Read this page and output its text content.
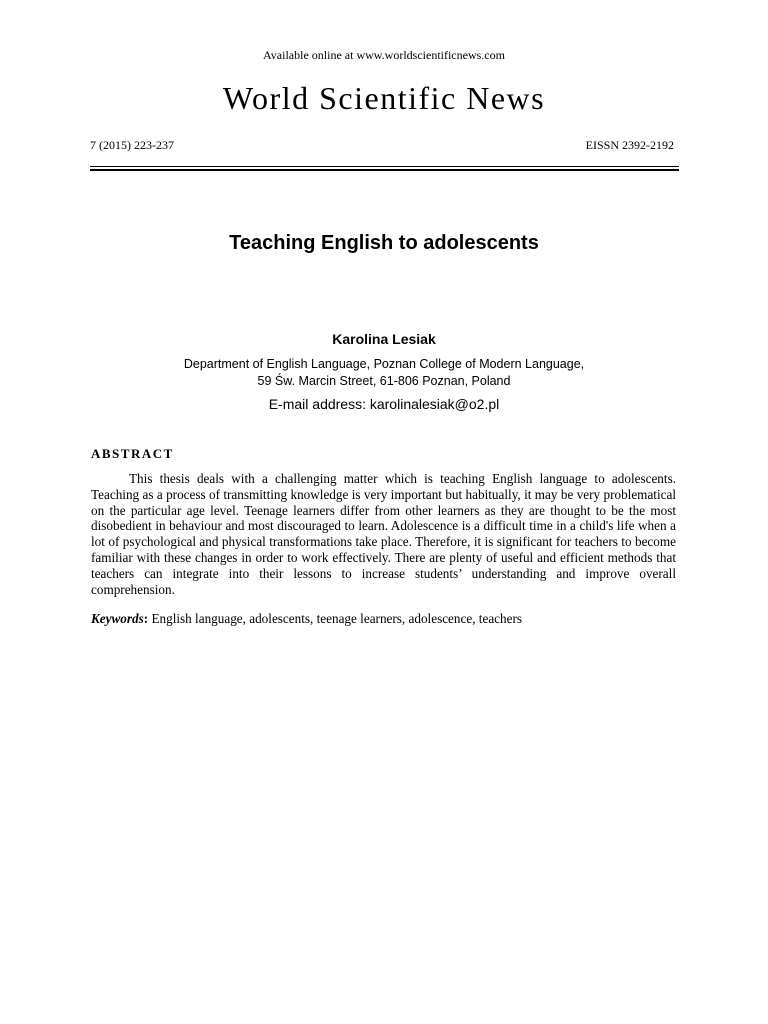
Available online at www.worldscientificnews.com
World Scientific News
7 (2015) 223-237	EISSN 2392-2192
Teaching English to adolescents
Karolina Lesiak
Department of English Language, Poznan College of Modern Language,
59 Św. Marcin Street, 61-806 Poznan, Poland
E-mail address: karolinalesiak@o2.pl
ABSTRACT

This thesis deals with a challenging matter which is teaching English language to adolescents. Teaching as a process of transmitting knowledge is very important but habitually, it may be very problematical on the particular age level. Teenage learners differ from other learners as they are thought to be the most disobedient in behaviour and most discouraged to learn. Adolescence is a difficult time in a child's life when a lot of psychological and physical transformations take place. Therefore, it is significant for teachers to become familiar with these changes in order to work effectively. There are plenty of useful and efficient methods that teachers can integrate into their lessons to increase students’ understanding and improve overall comprehension.

Keywords: English language, adolescents, teenage learners, adolescence, teachers
